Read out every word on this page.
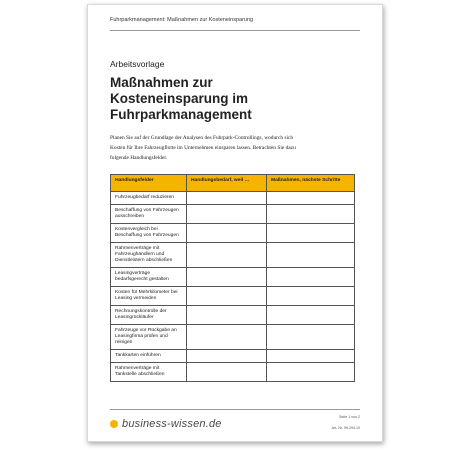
Fuhrparkmanagement: Maßnahmen zur Kosteneinsparung
Arbeitsvorlage
Maßnahmen zur Kosteneinsparung im Fuhrparkmanagement
Planen Sie auf der Grundlage der Analysen des Fuhrpark-Controllings, wodurch sich Kosten für Ihre Fahrzeugflotte im Unternehmen einsparen lassen. Betrachten Sie dazu folgende Handlungsfelder.
Handlungsfelder	Handlungsbedarf, weil …	Maßnahmen, nächste Schritte
Fuhrzeugbedarf reduzieren		
Beschaffung von Fahrzeugen ausschreiben		
Kostenvergleich bei Beschaffung von Fahrzeugen		
Rahmenverträge mit Fahrzeughändlern und Dienstleistern abschließen		
Leasingverträge bedarfsgerecht gestalten		
Kosten für Mehrkilometer bei Leasing vermeiden		
Rechnungskontrolle der Leasingrückläufer		
Fahrzeuge vor Rückgabe an Leasingfirma prüfen und reinigen		
Tankkarten einführen		
Rahmenverträge mit Tankstelle abschließen		
business-wissen.de
Seite 1 von 2
Art.-Nr. 99.294.10
